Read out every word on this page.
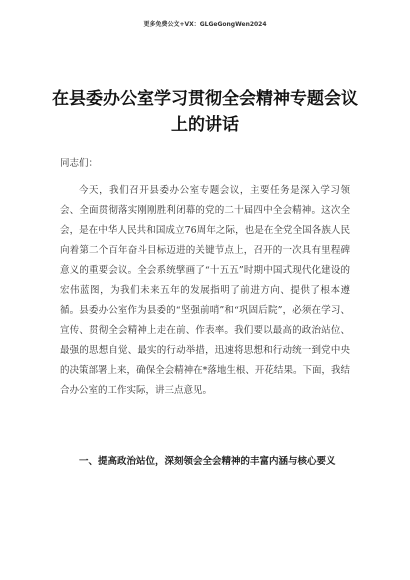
更多免费公文+VX：GLGeGongWen2024
在县委办公室学习贯彻全会精神专题会议
上的讲话
同志们：

今天，我们召开县委办公室专题会议，主要任务是深入学习领会、全面贯彻落实刚刚胜利闭幕的党的二十届四中全会精神。这次全会，是在中华人民共和国成立76周年之际，也是在全党全国各族人民向着第二个百年奋斗目标迈进的关键节点上，召开的一次具有里程碑意义的重要会议。全会系统擘画了“十五五”时期中国式现代化建设的宏伟蓝图，为我们未来五年的发展指明了前进方向、提供了根本遵循。县委办公室作为县委的“坚强前哨”和“巩固后院”，必须在学习、宣传、贯彻全会精神上走在前、作表率。我们要以最高的政治站位、最强的思想自觉、最实的行动举措，迅速将思想和行动统一到党中央的决策部署上来，确保全会精神在*落地生根、开花结果。下面，我结合办公室的工作实际，讲三点意见。

一、提高政治站位，深刻领会全会精神的丰富内涵与核心要义
